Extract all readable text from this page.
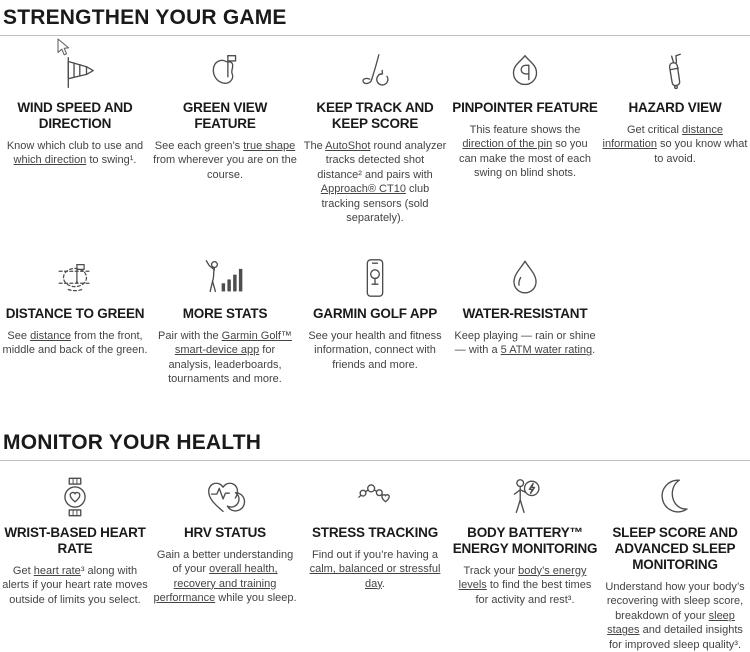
STRENGTHEN YOUR GAME
WIND SPEED AND DIRECTION

Know which club to use and which direction to swing¹.

GREEN VIEW FEATURE

See each green’s true shape from wherever you are on the course.

KEEP TRACK AND KEEP SCORE

The AutoShot round analyzer tracks detected shot distance² and pairs with Approach® CT10 club tracking sensors (sold separately).

PINPOINTER FEATURE

This feature shows the direction of the pin so you can make the most of each swing on blind shots.

HAZARD VIEW

Get critical distance information so you know what to avoid.

DISTANCE TO GREEN

See distance from the front, middle and back of the green.

MORE STATS

Pair with the Garmin Golf™ smart-device app for analysis, leaderboards, tournaments and more.

GARMIN GOLF APP

See your health and fitness information, connect with friends and more.

WATER-RESISTANT

Keep playing — rain or shine — with a 5 ATM water rating.

MONITOR YOUR HEALTH
WRIST-BASED HEART RATE

Get heart rate³ along with alerts if your heart rate moves outside of limits you select.

HRV STATUS

Gain a better understanding of your overall health, recovery and training performance while you sleep.

STRESS TRACKING

Find out if you’re having a calm, balanced or stressful day.

BODY BATTERY™ ENERGY MONITORING

Track your body’s energy levels to find the best times for activity and rest³.

SLEEP SCORE AND ADVANCED SLEEP MONITORING

Understand how your body’s recovering with sleep score, breakdown of your sleep stages and detailed insights for improved sleep quality³.
